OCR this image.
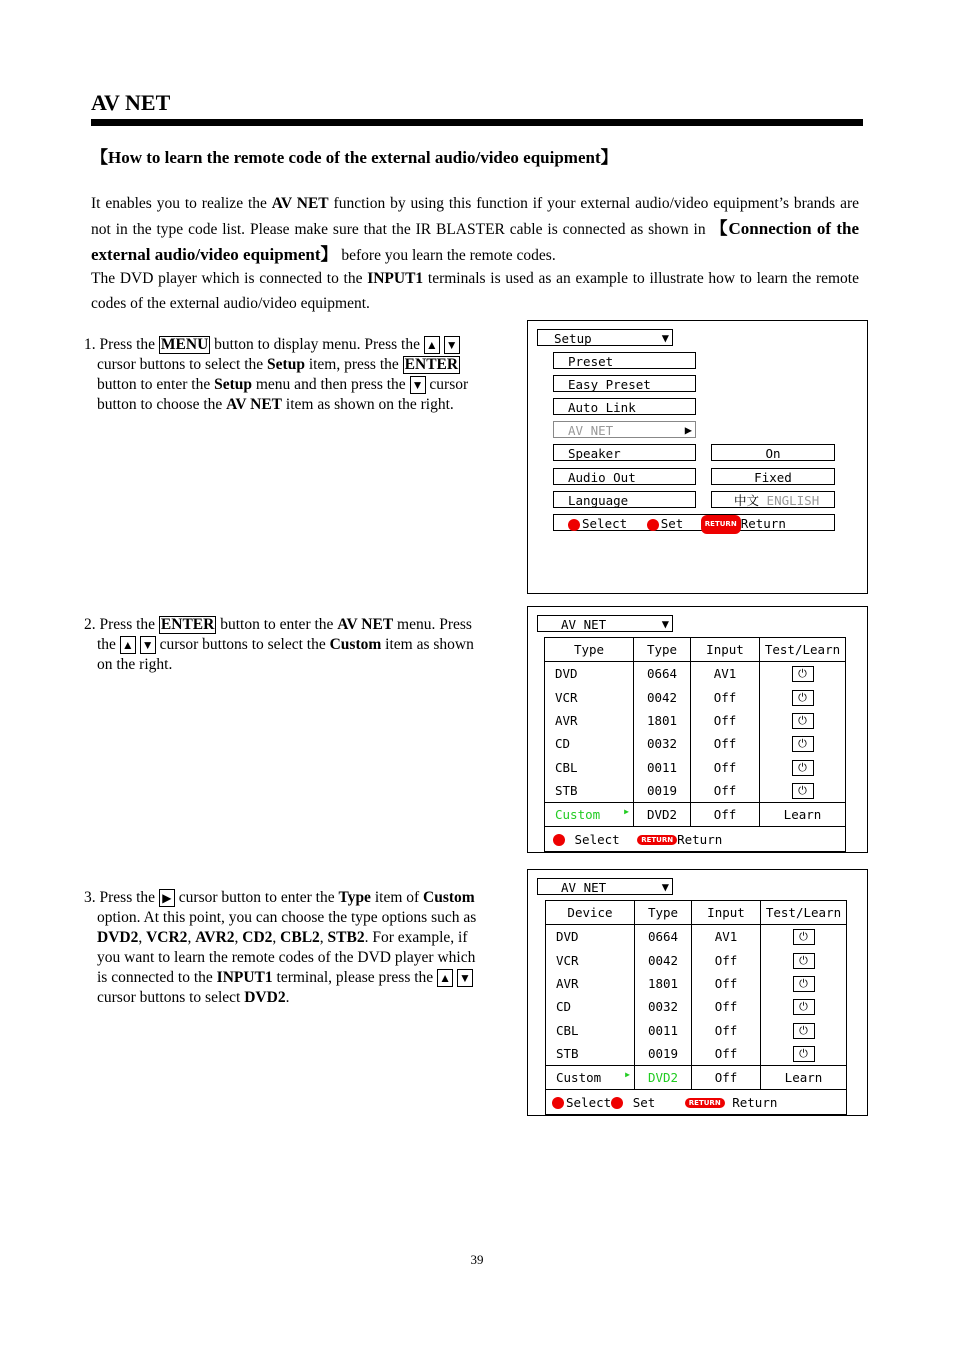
AV NET
【How to learn the remote code of the external audio/video equipment】
It enables you to realize the AV NET function by using this function if your external audio/video equipment’s brands are not in the type code list. Please make sure that the IR BLASTER cable is connected as shown in 【Connection of the external audio/video equipment】 before you learn the remote codes.
The DVD player which is connected to the INPUT1 terminals is used as an example to illustrate how to learn the remote codes of the external audio/video equipment.
1. Press the MENU button to display menu. Press the ▲ ▼
cursor buttons to select the Setup item, press the ENTER
button to enter the Setup menu and then press the ▼ cursor
button to choose the AV NET item as shown on the right.
2. Press the ENTER button to enter the AV NET menu. Press
the ▲ ▼ cursor buttons to select the Custom item as shown
on the right.
3. Press the ▶ cursor button to enter the Type item of Custom
option. At this point, you can choose the type options such as
DVD2, VCR2, AVR2, CD2, CBL2, STB2. For example, if
you want to learn the remote codes of the DVD player which
is connected to the INPUT1 terminal, please press the ▲ ▼
cursor buttons to select DVD2.
Setup	▼
Preset
Easy Preset
Auto Link
AV NET	▶
Speaker	On
Audio Out	Fixed
Language	中文 ENGLISH
Select	Set	RETURN Return
AV NET	▼
Type	Type	Input	Test/Learn
DVD	0664	AV1	⏻
VCR	0042	Off	⏻
AVR	1801	Off	⏻
CD	0032	Off	⏻
CBL	0011	Off	⏻
STB	0019	Off	⏻
Custom ▶	DVD2	Off	Learn
Select RETURN Return			
AV NET	▼
Device	Type	Input	Test/Learn
DVD	0664	AV1	⏻
VCR	0042	Off	⏻
AVR	1801	Off	⏻
CD	0032	Off	⏻
CBL	0011	Off	⏻
STB	0019	Off	⏻
Custom ▶	DVD2	Off	Learn
Select Set RETURN Return			
39
